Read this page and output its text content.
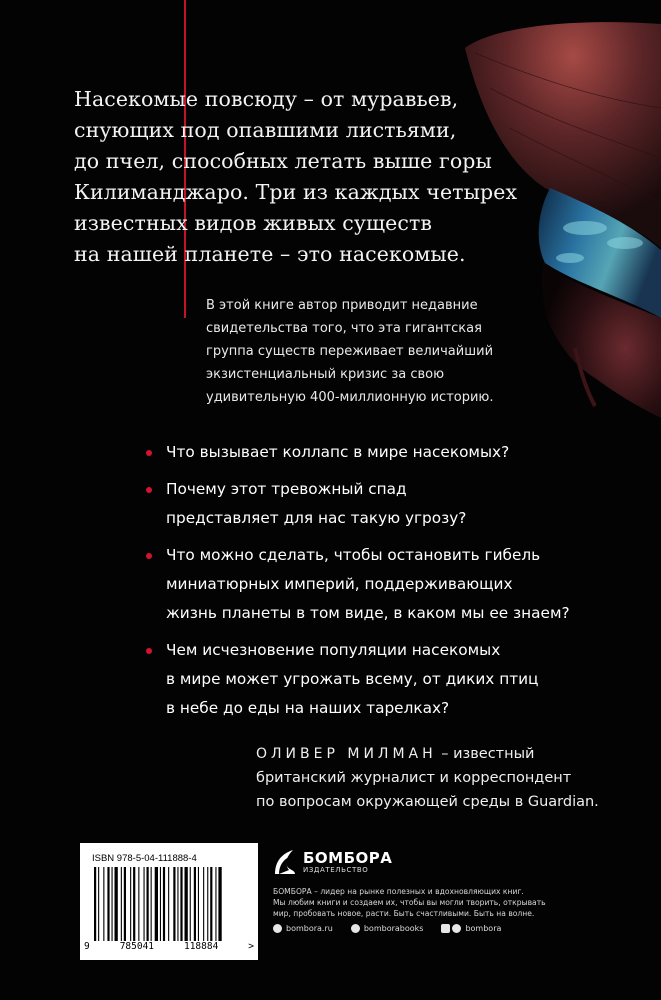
Насекомые повсюду – от муравьев,
снующих под опавшими листьями,
до пчел, способных летать выше горы
Килиманджаро. Три из каждых четырех
известных видов живых существ
на нашей планете – это насекомые.
В этой книге автор приводит недавние
свидетельства того, что эта гигантская
группа существ переживает величайший
экзистенциальный кризис за свою
удивительную 400-миллионную историю.
Что вызывает коллапс в мире насекомых?
Почему этот тревожный спад
представляет для нас такую угрозу?
Что можно сделать, чтобы остановить гибель
миниатюрных империй, поддерживающих
жизнь планеты в том виде, в каком мы ее знаем?
Чем исчезновение популяции насекомых
в мире может угрожать всему, от диких птиц
в небе до еды на наших тарелках?
ОЛИВЕР МИЛМАН – известный
британский журналист и корреспондент
по вопросам окружающей среды в Guardian.
ISBN 978-5-04-111888-4
9	785041	118884	>
БОМБОРА
ИЗДАТЕЛЬСТВО
БОМБОРА – лидер на рынке полезных и вдохновляющих книг.
Мы любим книги и создаем их, чтобы вы могли творить, открывать
мир, пробовать новое, расти. Быть счастливыми. Быть на волне.
bombora.ru	bomborabooks	bombora
